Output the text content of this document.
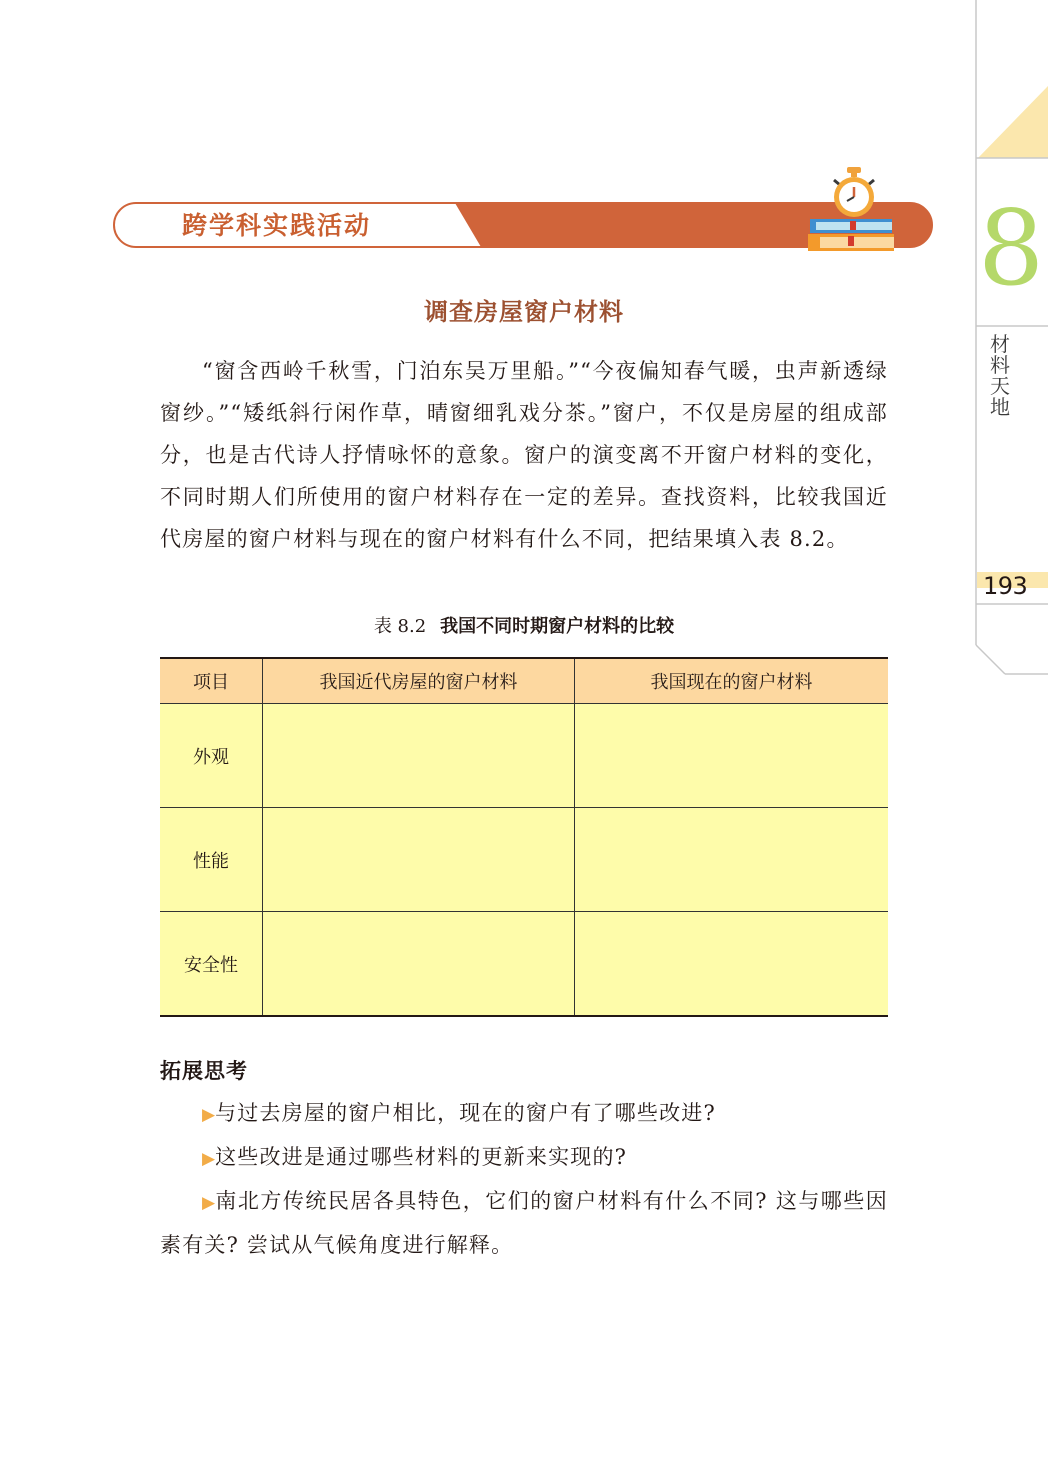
跨学科实践活动	8
材料天地
193
调查房屋窗户材料

“窗含西岭千秋雪，门泊东吴万里船。”“今夜偏知春气暖，虫声新透绿窗纱。”“矮纸斜行闲作草，晴窗细乳戏分茶。”窗户，不仅是房屋的组成部分，也是古代诗人抒情咏怀的意象。窗户的演变离不开窗户材料的变化，不同时期人们所使用的窗户材料存在一定的差异。查找资料，比较我国近代房屋的窗户材料与现在的窗户材料有什么不同，把结果填入表 8.2。

表 8.2 我国不同时期窗户材料的比较
项目	我国近代房屋的窗户材料	我国现在的窗户材料
外观		
性能		
安全性		
拓展思考

▶与过去房屋的窗户相比，现在的窗户有了哪些改进?

▶这些改进是通过哪些材料的更新来实现的?

▶南北方传统民居各具特色，它们的窗户材料有什么不同? 这与哪些因素有关? 尝试从气候角度进行解释。
